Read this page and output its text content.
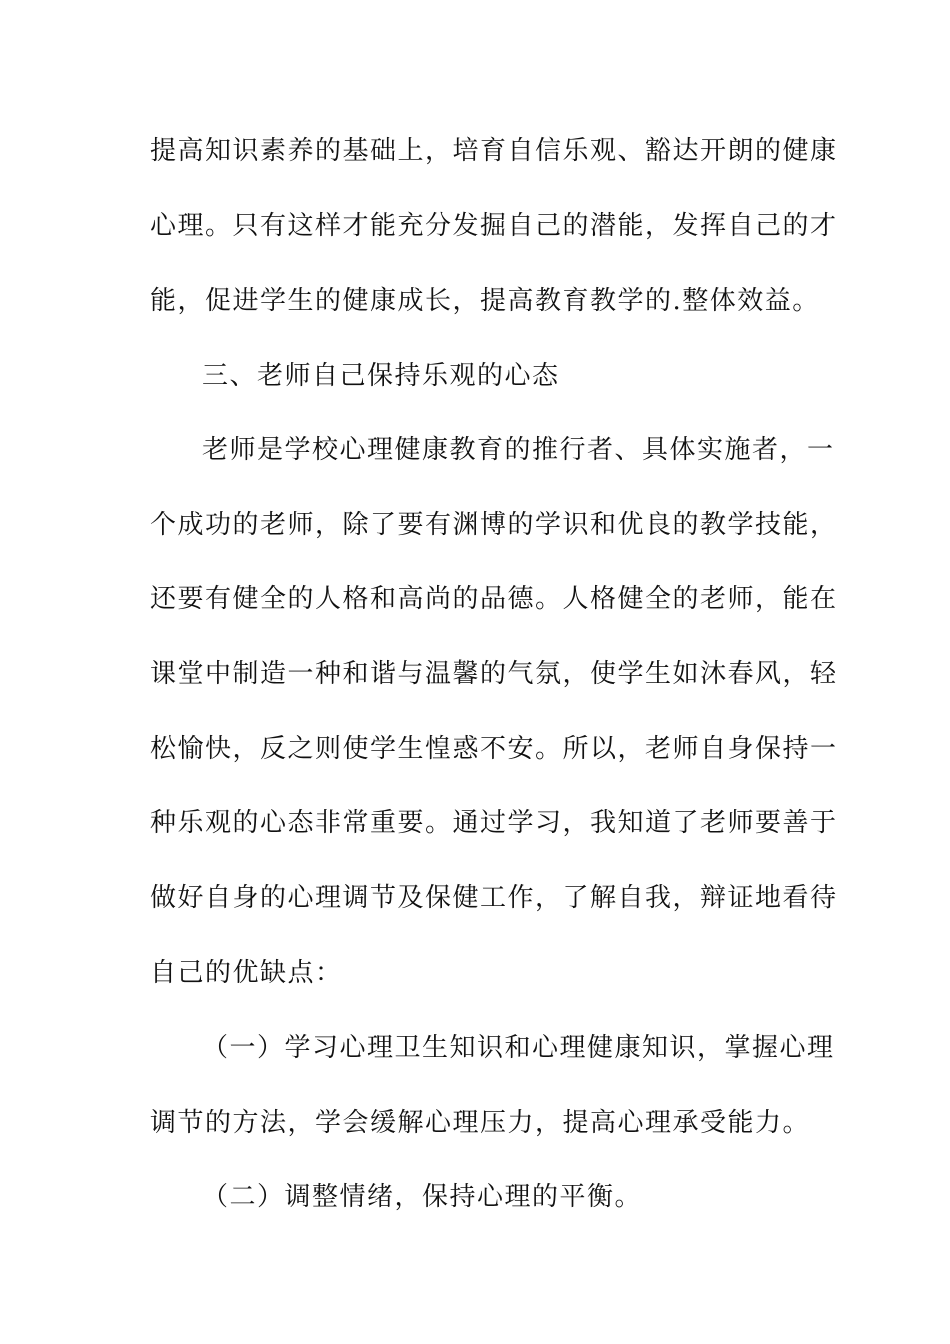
提高知识素养的基础上，培育自信乐观、豁达开朗的健康
心理。只有这样才能充分发掘自己的潜能，发挥自己的才
能，促进学生的健康成长，提高教育教学的.整体效益。
三、老师自己保持乐观的心态
老师是学校心理健康教育的推行者、具体实施者，一
个成功的老师，除了要有渊博的学识和优良的教学技能，
还要有健全的人格和高尚的品德。人格健全的老师，能在
课堂中制造一种和谐与温馨的气氛，使学生如沐春风，轻
松愉快，反之则使学生惶惑不安。所以，老师自身保持一
种乐观的心态非常重要。通过学习，我知道了老师要善于
做好自身的心理调节及保健工作，了解自我，辩证地看待
自己的优缺点：
（一）学习心理卫生知识和心理健康知识，掌握心理
调节的方法，学会缓解心理压力，提高心理承受能力。
（二）调整情绪，保持心理的平衡。
